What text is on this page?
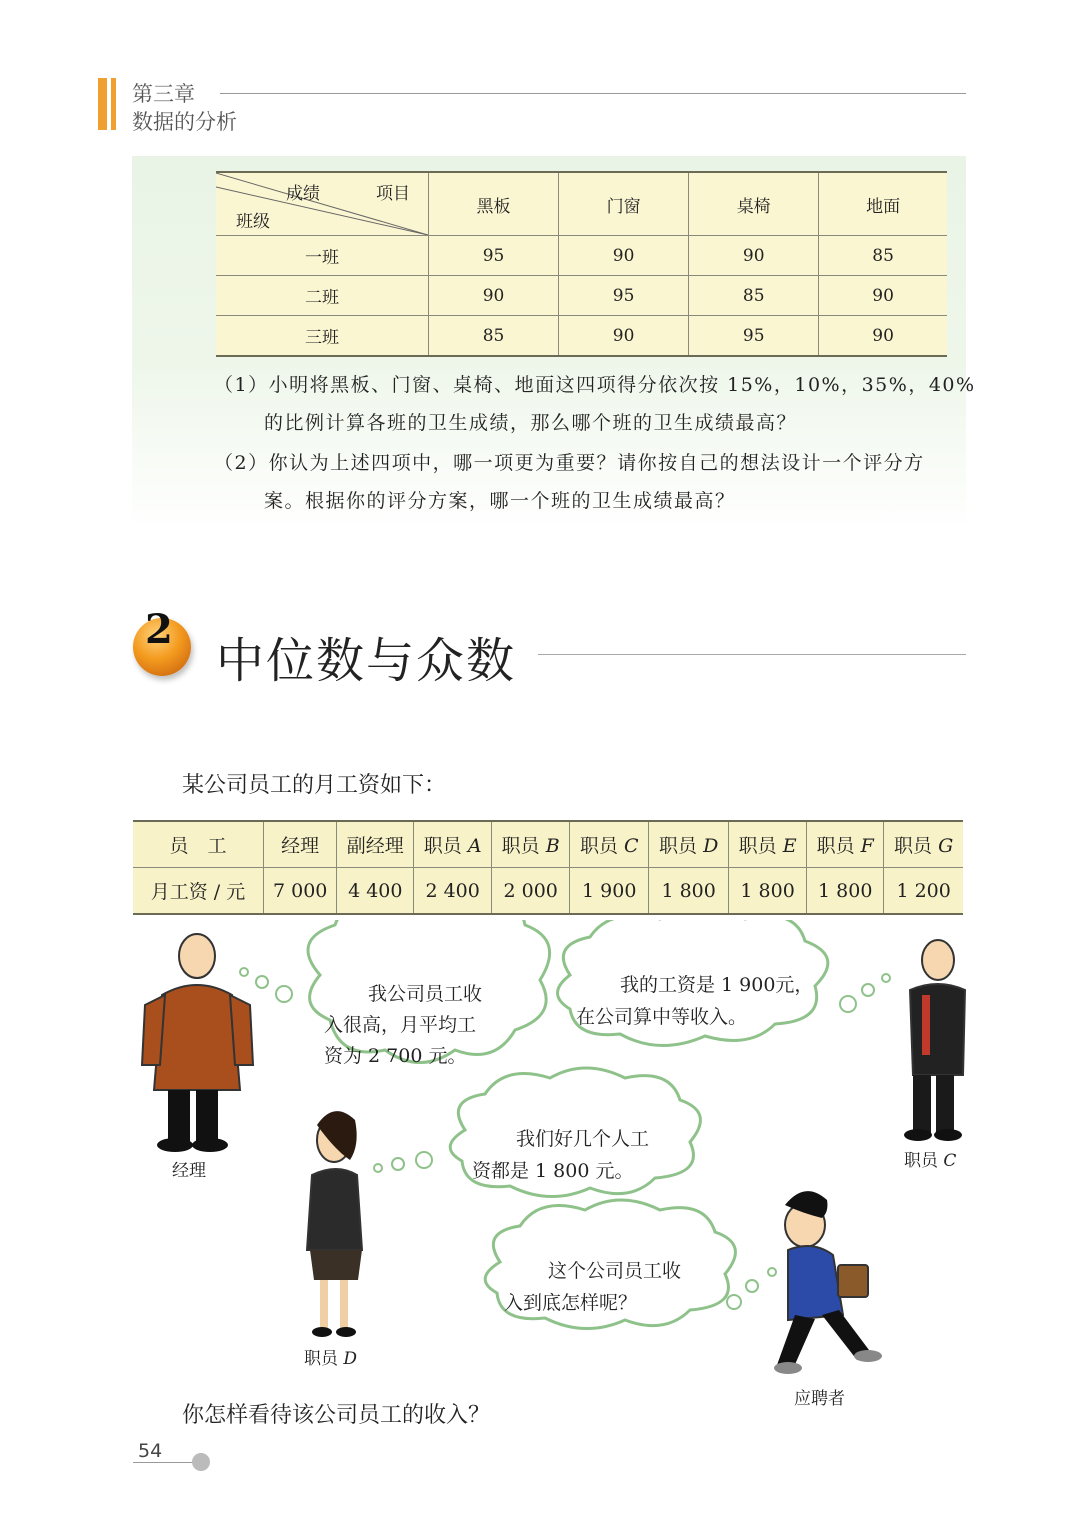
第三章
数据的分析
成绩 项目
班级	黑板	门窗	桌椅	地面
一班	95	90	90	85
二班	90	95	85	90
三班	85	90	95	90
（1）小明将黑板、门窗、桌椅、地面这四项得分依次按 15%，10%，35%，40%
的比例计算各班的卫生成绩，那么哪个班的卫生成绩最高？
（2）你认为上述四项中，哪一项更为重要？请你按自己的想法设计一个评分方
案。根据你的评分方案，哪一个班的卫生成绩最高？
2
中位数与众数
某公司员工的月工资如下：
员　工	经理	副经理	职员 A	职员 B	职员 C	职员 D	职员 E	职员 F	职员 G
月工资 / 元	7 000	4 400	2 400	2 000	1 900	1 800	1 800	1 800	1 200
我公司员工收
入很高，月平均工
资为 2 700 元。
我的工资是 1 900元，
在公司算中等收入。
我们好几个人工
资都是 1 800 元。
这个公司员工收
入到底怎样呢？
经理	职员 C
职员 D
应聘者
你怎样看待该公司员工的收入？
54
